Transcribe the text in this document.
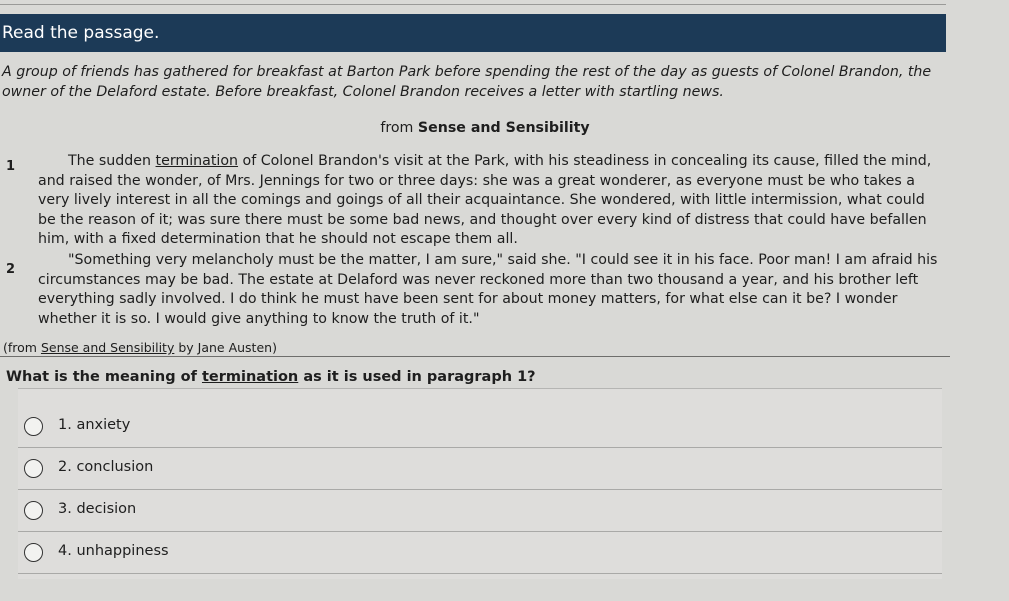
Read the passage.
A group of friends has gathered for breakfast at Barton Park before spending the rest of the day as guests of Colonel Brandon, the owner of the Delaford estate. Before breakfast, Colonel Brandon receives a letter with startling news.
from Sense and Sensibility
1	The sudden termination of Colonel Brandon's visit at the Park, with his steadiness in concealing its cause, filled the mind, and raised the wonder, of Mrs. Jennings for two or three days: she was a great wonderer, as everyone must be who takes a very lively interest in all the comings and goings of all their acquaintance. She wondered, with little intermission, what could be the reason of it; was sure there must be some bad news, and thought over every kind of distress that could have befallen him, with a fixed determination that he should not escape them all.
2
"Something very melancholy must be the matter, I am sure," said she. "I could see it in his face. Poor man! I am afraid his circumstances may be bad. The estate at Delaford was never reckoned more than two thousand a year, and his brother left everything sadly involved. I do think he must have been sent for about money matters, for what else can it be? I wonder whether it is so. I would give anything to know the truth of it."
(from Sense and Sensibility by Jane Austen)
What is the meaning of termination as it is used in paragraph 1?
1. anxiety
2. conclusion
3. decision
4. unhappiness
